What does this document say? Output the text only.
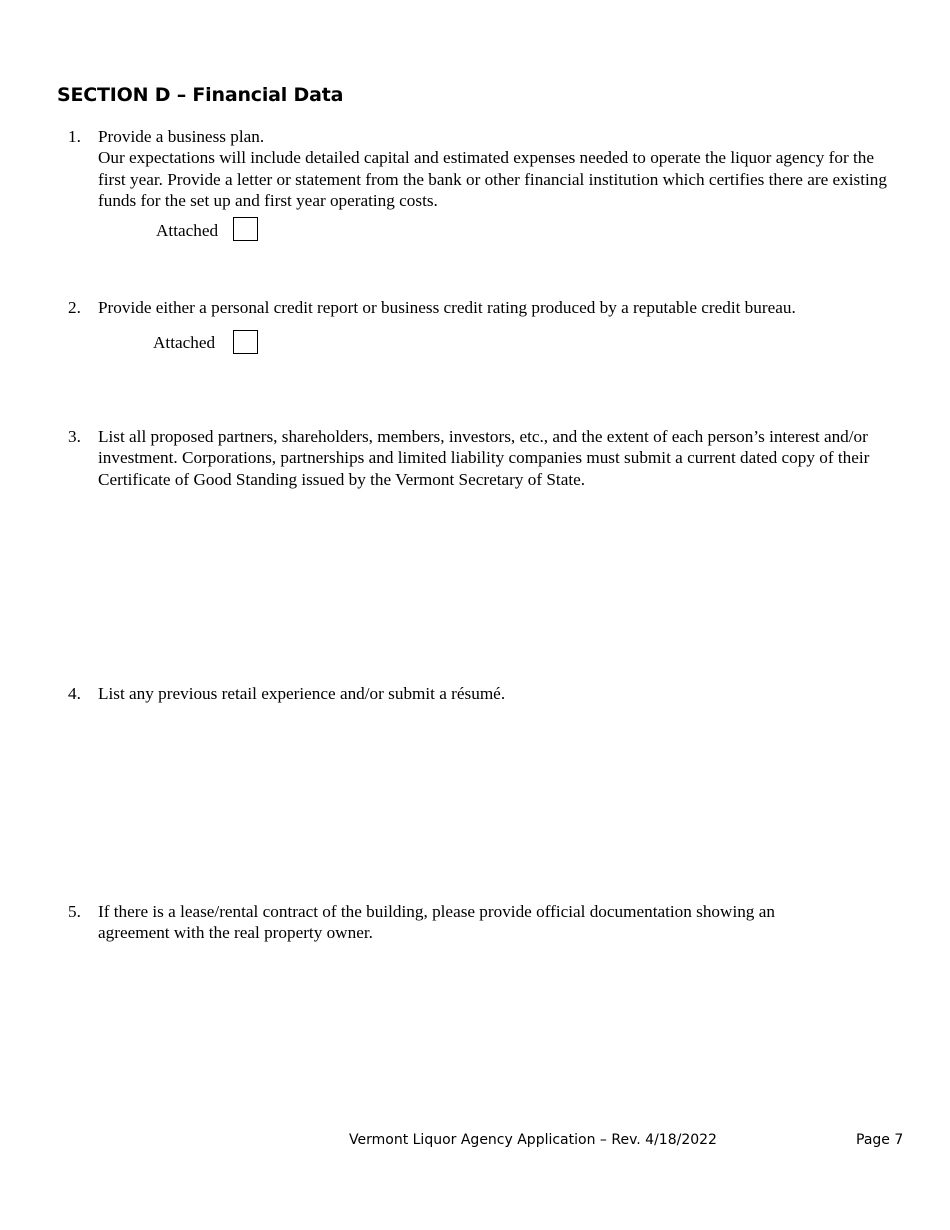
SECTION D – Financial Data
1. Provide a business plan.

Our expectations will include detailed capital and estimated expenses needed to operate the liquor agency for the first year. Provide a letter or statement from the bank or other financial institution which certifies there are existing funds for the set up and first year operating costs.

Attached
2. Provide either a personal credit report or business credit rating produced by a reputable credit bureau.

Attached
3. List all proposed partners, shareholders, members, investors, etc., and the extent of each person’s interest and/or investment. Corporations, partnerships and limited liability companies must submit a current dated copy of their Certificate of Good Standing issued by the Vermont Secretary of State.

4. List any previous retail experience and/or submit a résumé.

5. If there is a lease/rental contract of the building, please provide official documentation showing an agreement with the real property owner.

Vermont Liquor Agency Application – Rev. 4/18/2022	Page 7
